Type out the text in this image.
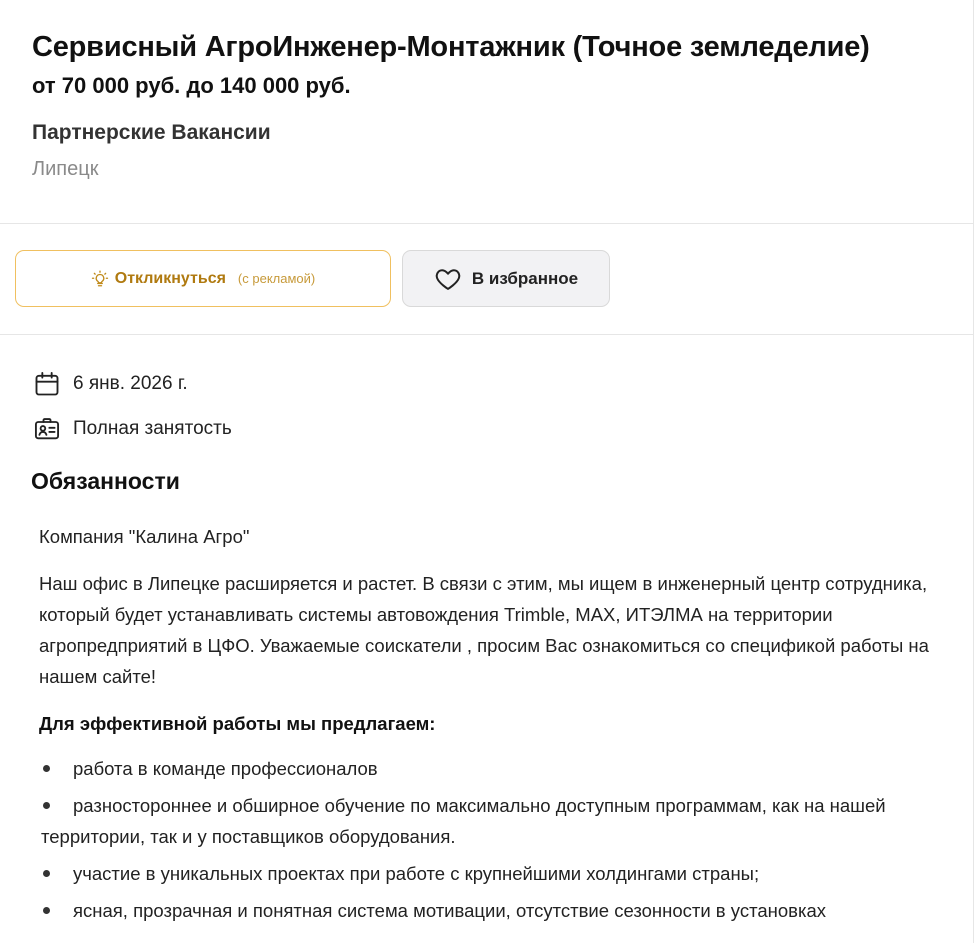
Сервисный АгроИнженер-Монтажник (Точное земледелие)
от 70 000 руб. до 140 000 руб.
Партнерские Вакансии
Липецк
Откликнуться (с рекламой)	В избранное
6 янв. 2026 г.
Полная занятость
Обязанности

Компания "Калина Агро"

Наш офис в Липецке расширяется и растет. В связи с этим, мы ищем в инженерный центр сотрудника, который будет устанавливать системы автовождения Trimble, MAX, ИТЭЛМА на территории агропредприятий в ЦФО. Уважаемые соискатели , просим Вас ознакомиться со спецификой работы на нашем сайте!

Для эффективной работы мы предлагаем:

работа в команде профессионалов
разностороннее и обширное обучение по максимально доступным программам, как на нашей территории, так и у поставщиков оборудования.
участие в уникальных проектах при работе с крупнейшими холдингами страны;
ясная, прозрачная и понятная система мотивации, отсутствие сезонности в установках
